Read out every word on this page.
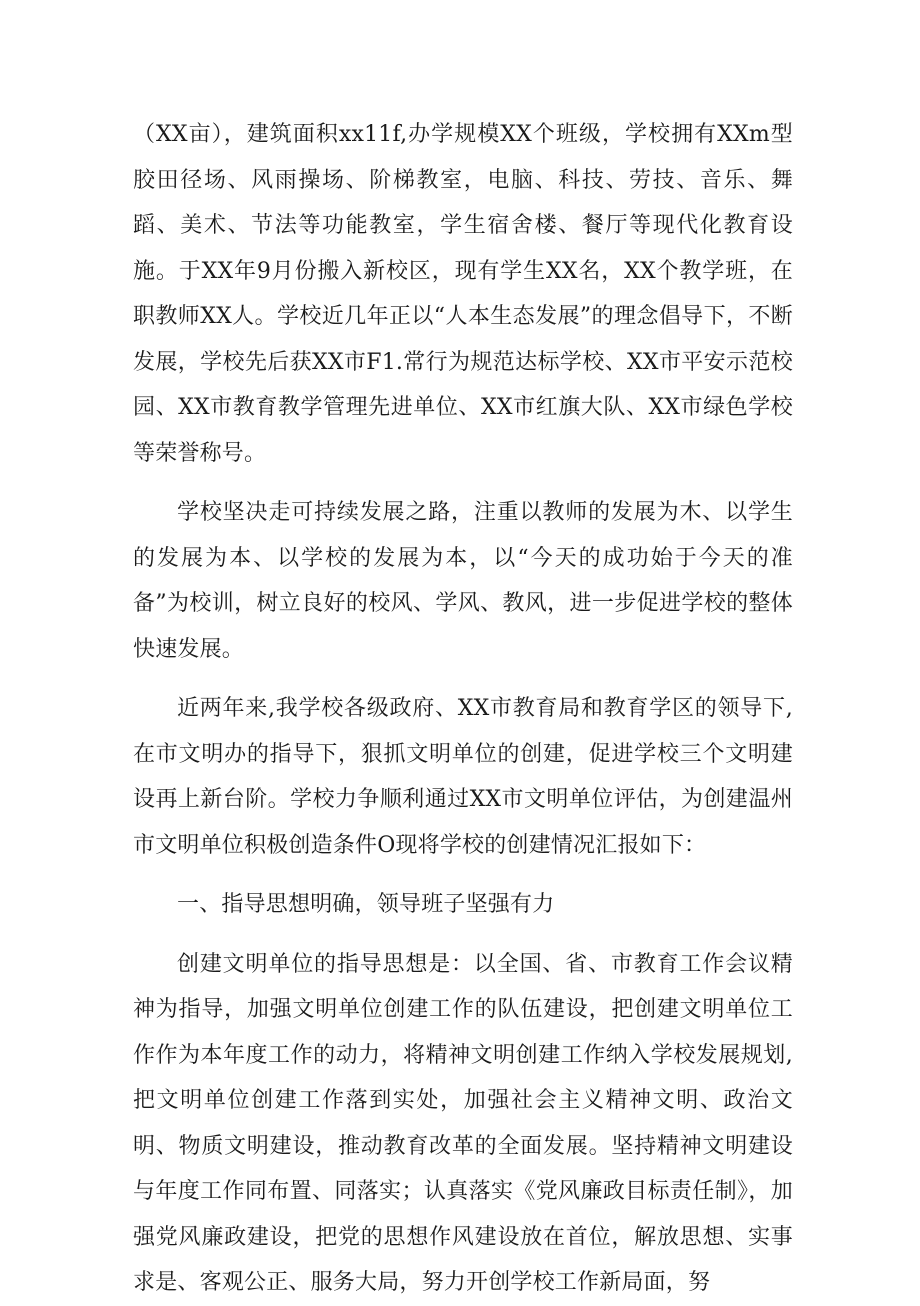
（XX亩），建筑面积xx11f,办学规模XX个班级，学校拥有XXm型胶田径场、风雨操场、阶梯教室，电脑、科技、劳技、音乐、舞蹈、美术、节法等功能教室，学生宿舍楼、餐厅等现代化教育设施。于XX年9月份搬入新校区，现有学生XX名，XX个教学班，在职教师XX人。学校近几年正以“人本生态发展”的理念倡导下，不断发展，学校先后获XX市F1.常行为规范达标学校、XX市平安示范校园、XX市教育教学管理先进单位、XX市红旗大队、XX市绿色学校等荣誉称号。

学校坚决走可持续发展之路，注重以教师的发展为木、以学生的发展为本、以学校的发展为本，以“今天的成功始于今天的准备”为校训，树立良好的校风、学风、教风，进一步促进学校的整体快速发展。

近两年来,我学校各级政府、XX市教育局和教育学区的领导下,在市文明办的指导下，狠抓文明单位的创建，促进学校三个文明建设再上新台阶。学校力争顺利通过XX市文明单位评估，为创建温州市文明单位积极创造条件O现将学校的创建情况汇报如下：

一、指导思想明确，领导班子坚强有力

创建文明单位的指导思想是：以全国、省、市教育工作会议精神为指导，加强文明单位创建工作的队伍建设，把创建文明单位工作作为本年度工作的动力，将精神文明创建工作纳入学校发展规划,把文明单位创建工作落到实处，加强社会主义精神文明、政治文明、物质文明建设，推动教育改革的全面发展。坚持精神文明建设与年度工作同布置、同落实；认真落实《党风廉政目标责任制》，加强党风廉政建设，把党的思想作风建设放在首位，解放思想、实事求是、客观公正、服务大局，努力开创学校工作新局面，努
